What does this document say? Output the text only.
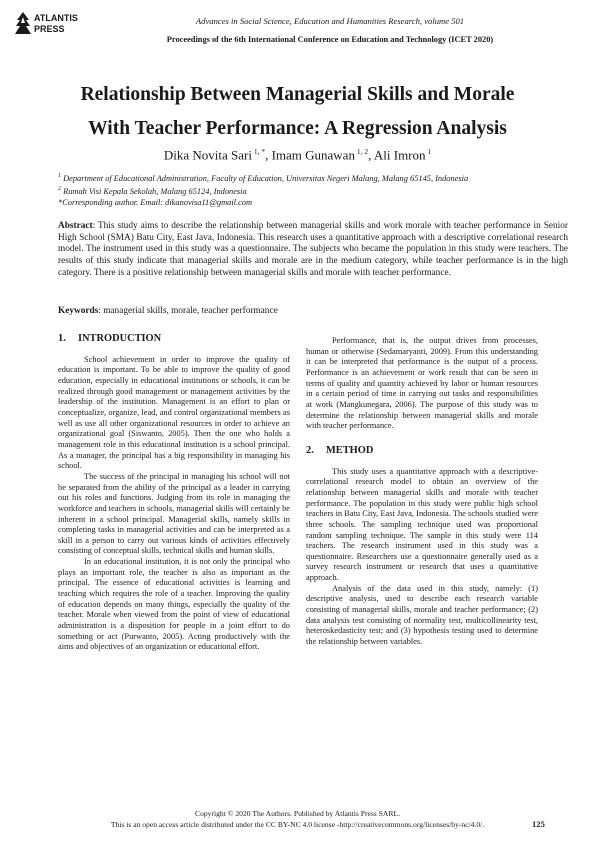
ATLANTIS
PRESS
Advances in Social Science, Education and Humanities Research, volume 501
Proceedings of the 6th International Conference on Education and Technology (ICET 2020)
Relationship Between Managerial Skills and Morale
With Teacher Performance: A Regression Analysis
Dika Novita Sari $^{1, *}$, Imam Gunawan $^{1, 2}$, Ali Imron $^1$
$^1$ Department of Educational Administration, Faculty of Education, Universitas Negeri Malang, Malang 65145, Indonesia
$^2$ Rumah Visi Kepala Sekolah, Malang 65124, Indonesia
*Corresponding author. Email: dikanovisa11@gmail.com
Abstract: This study aims to describe the relationship between managerial skills and work morale with teacher performance in Senior High School (SMA) Batu City, East Java, Indonesia. This research uses a quantitative approach with a descriptive correlational research model. The instrument used in this study was a questionnaire. The subjects who became the population in this study were teachers. The results of this study indicate that managerial skills and morale are in the medium category, while teacher performance is in the high category. There is a positive relationship between managerial skills and morale with teacher performance.
Keywords: managerial skills, morale, teacher performance
1. INTRODUCTION

School achievement in order to improve the quality of education is important. To be able to improve the quality of good education, especially in educational institutions or schools, it can be realized through good management or management activities by the leadership of the institution. Management is an effort to plan or conceptualize, organize, lead, and control organizational members as well as use all other organizational resources in order to achieve an organizational goal (Siswanto, 2005). Then the one who holds a management role in this educational institution is a school principal. As a manager, the principal has a big responsibility in managing his school.

The success of the principal in managing his school will not be separated from the ability of the principal as a leader in carrying out his roles and functions. Judging from its role in managing the workforce and teachers in schools, managerial skills will certainly be inherent in a school principal. Managerial skills, namely skills in completing tasks in managerial activities and can be interpreted as a skill in a person to carry out various kinds of activities effectively consisting of conceptual skills, technical skills and human skills.

In an educational institution, it is not only the principal who plays an important role, the teacher is also as important as the principal. The essence of educational activities is learning and teaching which requires the role of a teacher. Improving the quality of education depends on many things, especially the quality of the teacher. Morale when viewed from the point of view of educational administration is a disposition for people in a joint effort to do something or act (Purwanto, 2005). Acting productively with the aims and objectives of an organization or educational effort.

Performance, that is, the output drives from processes, human or otherwise (Sedamaryanti, 2009). From this understanding it can be interpreted that performance is the output of a process. Performance is an achievement or work result that can be seen in terms of quality and quantity achieved by labor or human resources in a certain period of time in carrying out tasks and responsibilities at work (Mangkunegara, 2006). The purpose of this study was to determine the relationship between managerial skills and morale with teacher performance.

2. METHOD

This study uses a quantitative approach with a descriptive-correlational research model to obtain an overview of the relationship between managerial skills and morale with teacher performance. The population in this study were public high school teachers in Batu City, East Java, Indonesia. The schools studied were three schools. The sampling technique used was proportional random sampling technique. The sample in this study were 114 teachers. The research instrument used in this study was a questionnaire. Researchers use a questionnaire generally used as a survey research instrument or research that uses a quantitative approach.

Analysis of the data used in this study, namely: (1) descriptive analysis, used to describe each research variable consisting of managerial skills, morale and teacher performance; (2) data analysis test consisting of normality test, multicollinearity test, heteroskedasticity test; and (3) hypothesis testing used to determine the relationship between variables.

Copyright © 2020 The Authors. Published by Atlantis Press SARL.
This is an open access article distributed under the CC BY-NC 4.0 license -http://creativecommons.org/licenses/by-nc/4.0/.	125
